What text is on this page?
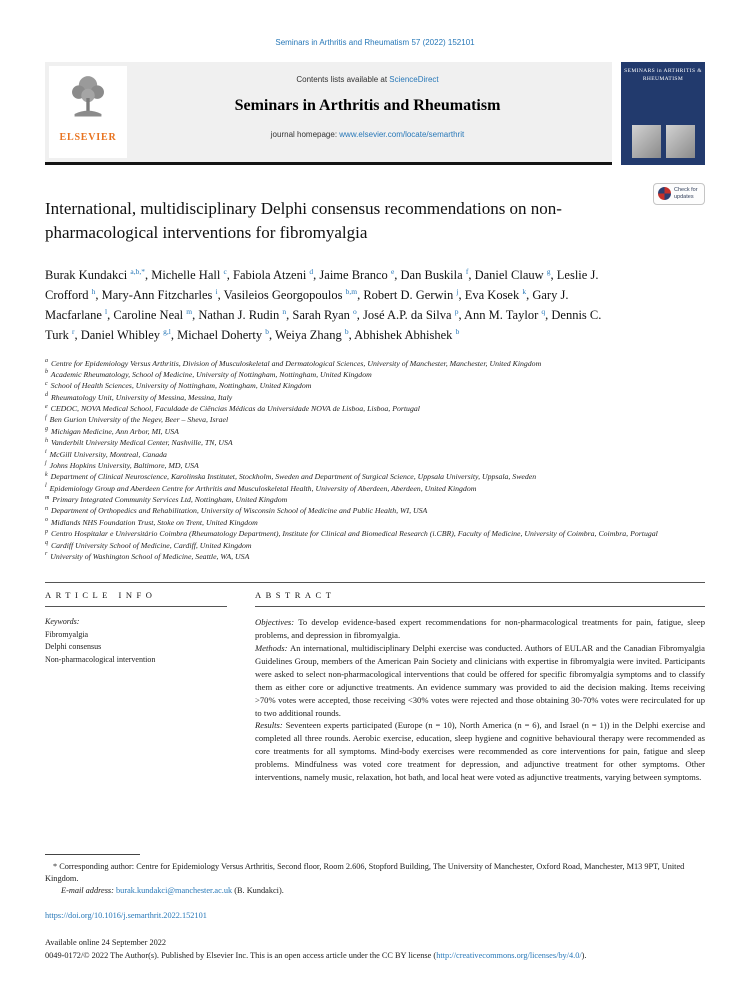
Seminars in Arthritis and Rheumatism 57 (2022) 152101
ELSEVIER
Contents lists available at ScienceDirect
Seminars in Arthritis and Rheumatism
journal homepage: www.elsevier.com/locate/semarthrit
SEMINARS in ARTHRITIS & RHEUMATISM
International, multidisciplinary Delphi consensus recommendations on non-pharmacological interventions for fibromyalgia
Check for updates

Burak Kundakci $^{a,b,*}$, Michelle Hall $^c$, Fabiola Atzeni $^d$, Jaime Branco $^e$, Dan Buskila $^f$, Daniel Clauw $^g$, Leslie J. Crofford $^h$, Mary-Ann Fitzcharles $^i$, Vasileios Georgopoulos $^{b,m}$, Robert D. Gerwin $^j$, Eva Kosek $^k$, Gary J. Macfarlane $^l$, Caroline Neal $^m$, Nathan J. Rudin $^n$, Sarah Ryan $^o$, José A.P. da Silva $^p$, Ann M. Taylor $^q$, Dennis C. Turk $^r$, Daniel Whibley $^{g,l}$, Michael Doherty $^b$, Weiya Zhang $^b$, Abhishek Abhishek $^b$

$^a$ Centre for Epidemiology Versus Arthritis, Division of Musculoskeletal and Dermatological Sciences, University of Manchester, Manchester, United Kingdom
$^b$ Academic Rheumatology, School of Medicine, University of Nottingham, Nottingham, United Kingdom
$^c$ School of Health Sciences, University of Nottingham, Nottingham, United Kingdom
$^d$ Rheumatology Unit, University of Messina, Messina, Italy
$^e$ CEDOC, NOVA Medical School, Faculdade de Ciências Médicas da Universidade NOVA de Lisboa, Lisboa, Portugal
$^f$ Ben Gurion University of the Negev, Beer – Sheva, Israel
$^g$ Michigan Medicine, Ann Arbor, MI, USA
$^h$ Vanderbilt University Medical Center, Nashville, TN, USA
$^i$ McGill University, Montreal, Canada
$^j$ Johns Hopkins University, Baltimore, MD, USA
$^k$ Department of Clinical Neuroscience, Karolinska Institutet, Stockholm, Sweden and Department of Surgical Science, Uppsala University, Uppsala, Sweden
$^l$ Epidemiology Group and Aberdeen Centre for Arthritis and Musculoskeletal Health, University of Aberdeen, Aberdeen, United Kingdom
$^m$ Primary Integrated Community Services Ltd, Nottingham, United Kingdom
$^n$ Department of Orthopedics and Rehabilitation, University of Wisconsin School of Medicine and Public Health, WI, USA
$^o$ Midlands NHS Foundation Trust, Stoke on Trent, United Kingdom
$^p$ Centro Hospitalar e Universitário Coimbra (Rheumatology Department), Institute for Clinical and Biomedical Research (i.CBR), Faculty of Medicine, University of Coimbra, Coimbra, Portugal
$^q$ Cardiff University School of Medicine, Cardiff, United Kingdom
$^r$ University of Washington School of Medicine, Seattle, WA, USA
ARTICLE INFO
Keywords:
Fibromyalgia
Delphi consensus
Non-pharmacological intervention
ABSTRACT

Objectives: To develop evidence-based expert recommendations for non-pharmacological treatments for pain, fatigue, sleep problems, and depression in fibromyalgia.

Methods: An international, multidisciplinary Delphi exercise was conducted. Authors of EULAR and the Canadian Fibromyalgia Guidelines Group, members of the American Pain Society and clinicians with expertise in fibromyalgia were invited. Participants were asked to select non-pharmacological interventions that could be offered for specific fibromyalgia symptoms and to classify them as either core or adjunctive treatments. An evidence summary was provided to aid the decision making. Items receiving >70% votes were accepted, those receiving <30% votes were rejected and those obtaining 30-70% votes were recirculated for up to two additional rounds.

Results: Seventeen experts participated (Europe (n = 10), North America (n = 6), and Israel (n = 1)) in the Delphi exercise and completed all three rounds. Aerobic exercise, education, sleep hygiene and cognitive behavioural therapy were recommended as core treatments for all symptoms. Mind-body exercises were recommended as core interventions for pain, fatigue and sleep problems. Mindfulness was voted core treatment for depression, and adjunctive treatment for other symptoms. Other interventions, namely music, relaxation, hot bath, and local heat were voted as adjunctive treatments, varying between symptoms.

* Corresponding author: Centre for Epidemiology Versus Arthritis, Second floor, Room 2.606, Stopford Building, The University of Manchester, Oxford Road, Manchester, M13 9PT, United Kingdom.

E-mail address: burak.kundakci@manchester.ac.uk (B. Kundakci).

https://doi.org/10.1016/j.semarthrit.2022.152101
Available online 24 September 2022
0049-0172/© 2022 The Author(s). Published by Elsevier Inc. This is an open access article under the CC BY license (http://creativecommons.org/licenses/by/4.0/).
